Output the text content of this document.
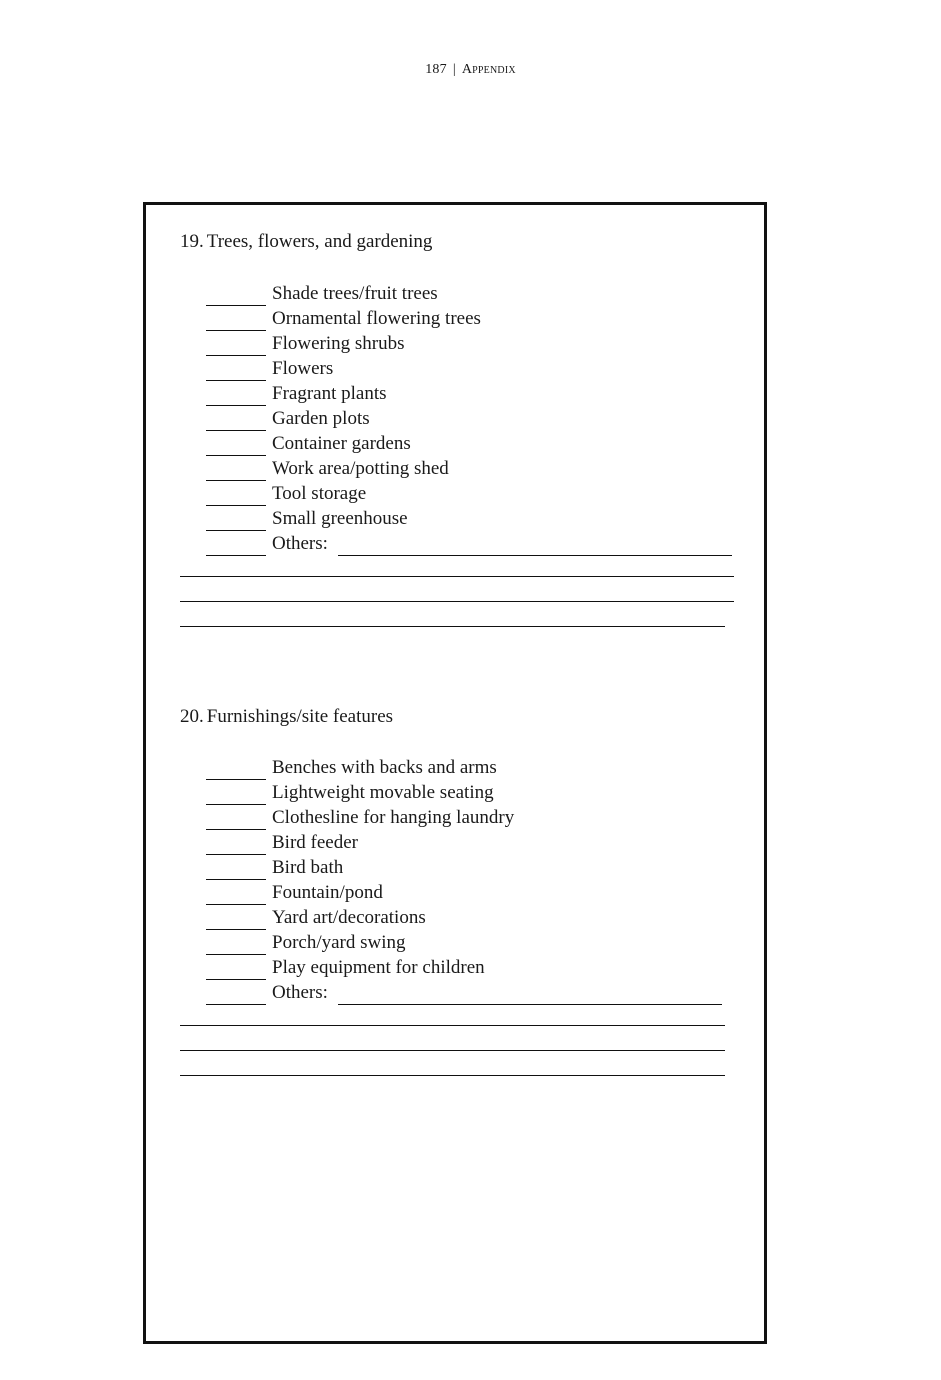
187 | Appendix
19. Trees, flowers, and gardening
Shade trees/fruit trees
Ornamental flowering trees
Flowering shrubs
Flowers
Fragrant plants
Garden plots
Container gardens
Work area/potting shed
Tool storage
Small greenhouse
Others:
20. Furnishings/site features
Benches with backs and arms
Lightweight movable seating
Clothesline for hanging laundry
Bird feeder
Bird bath
Fountain/pond
Yard art/decorations
Porch/yard swing
Play equipment for children
Others:
